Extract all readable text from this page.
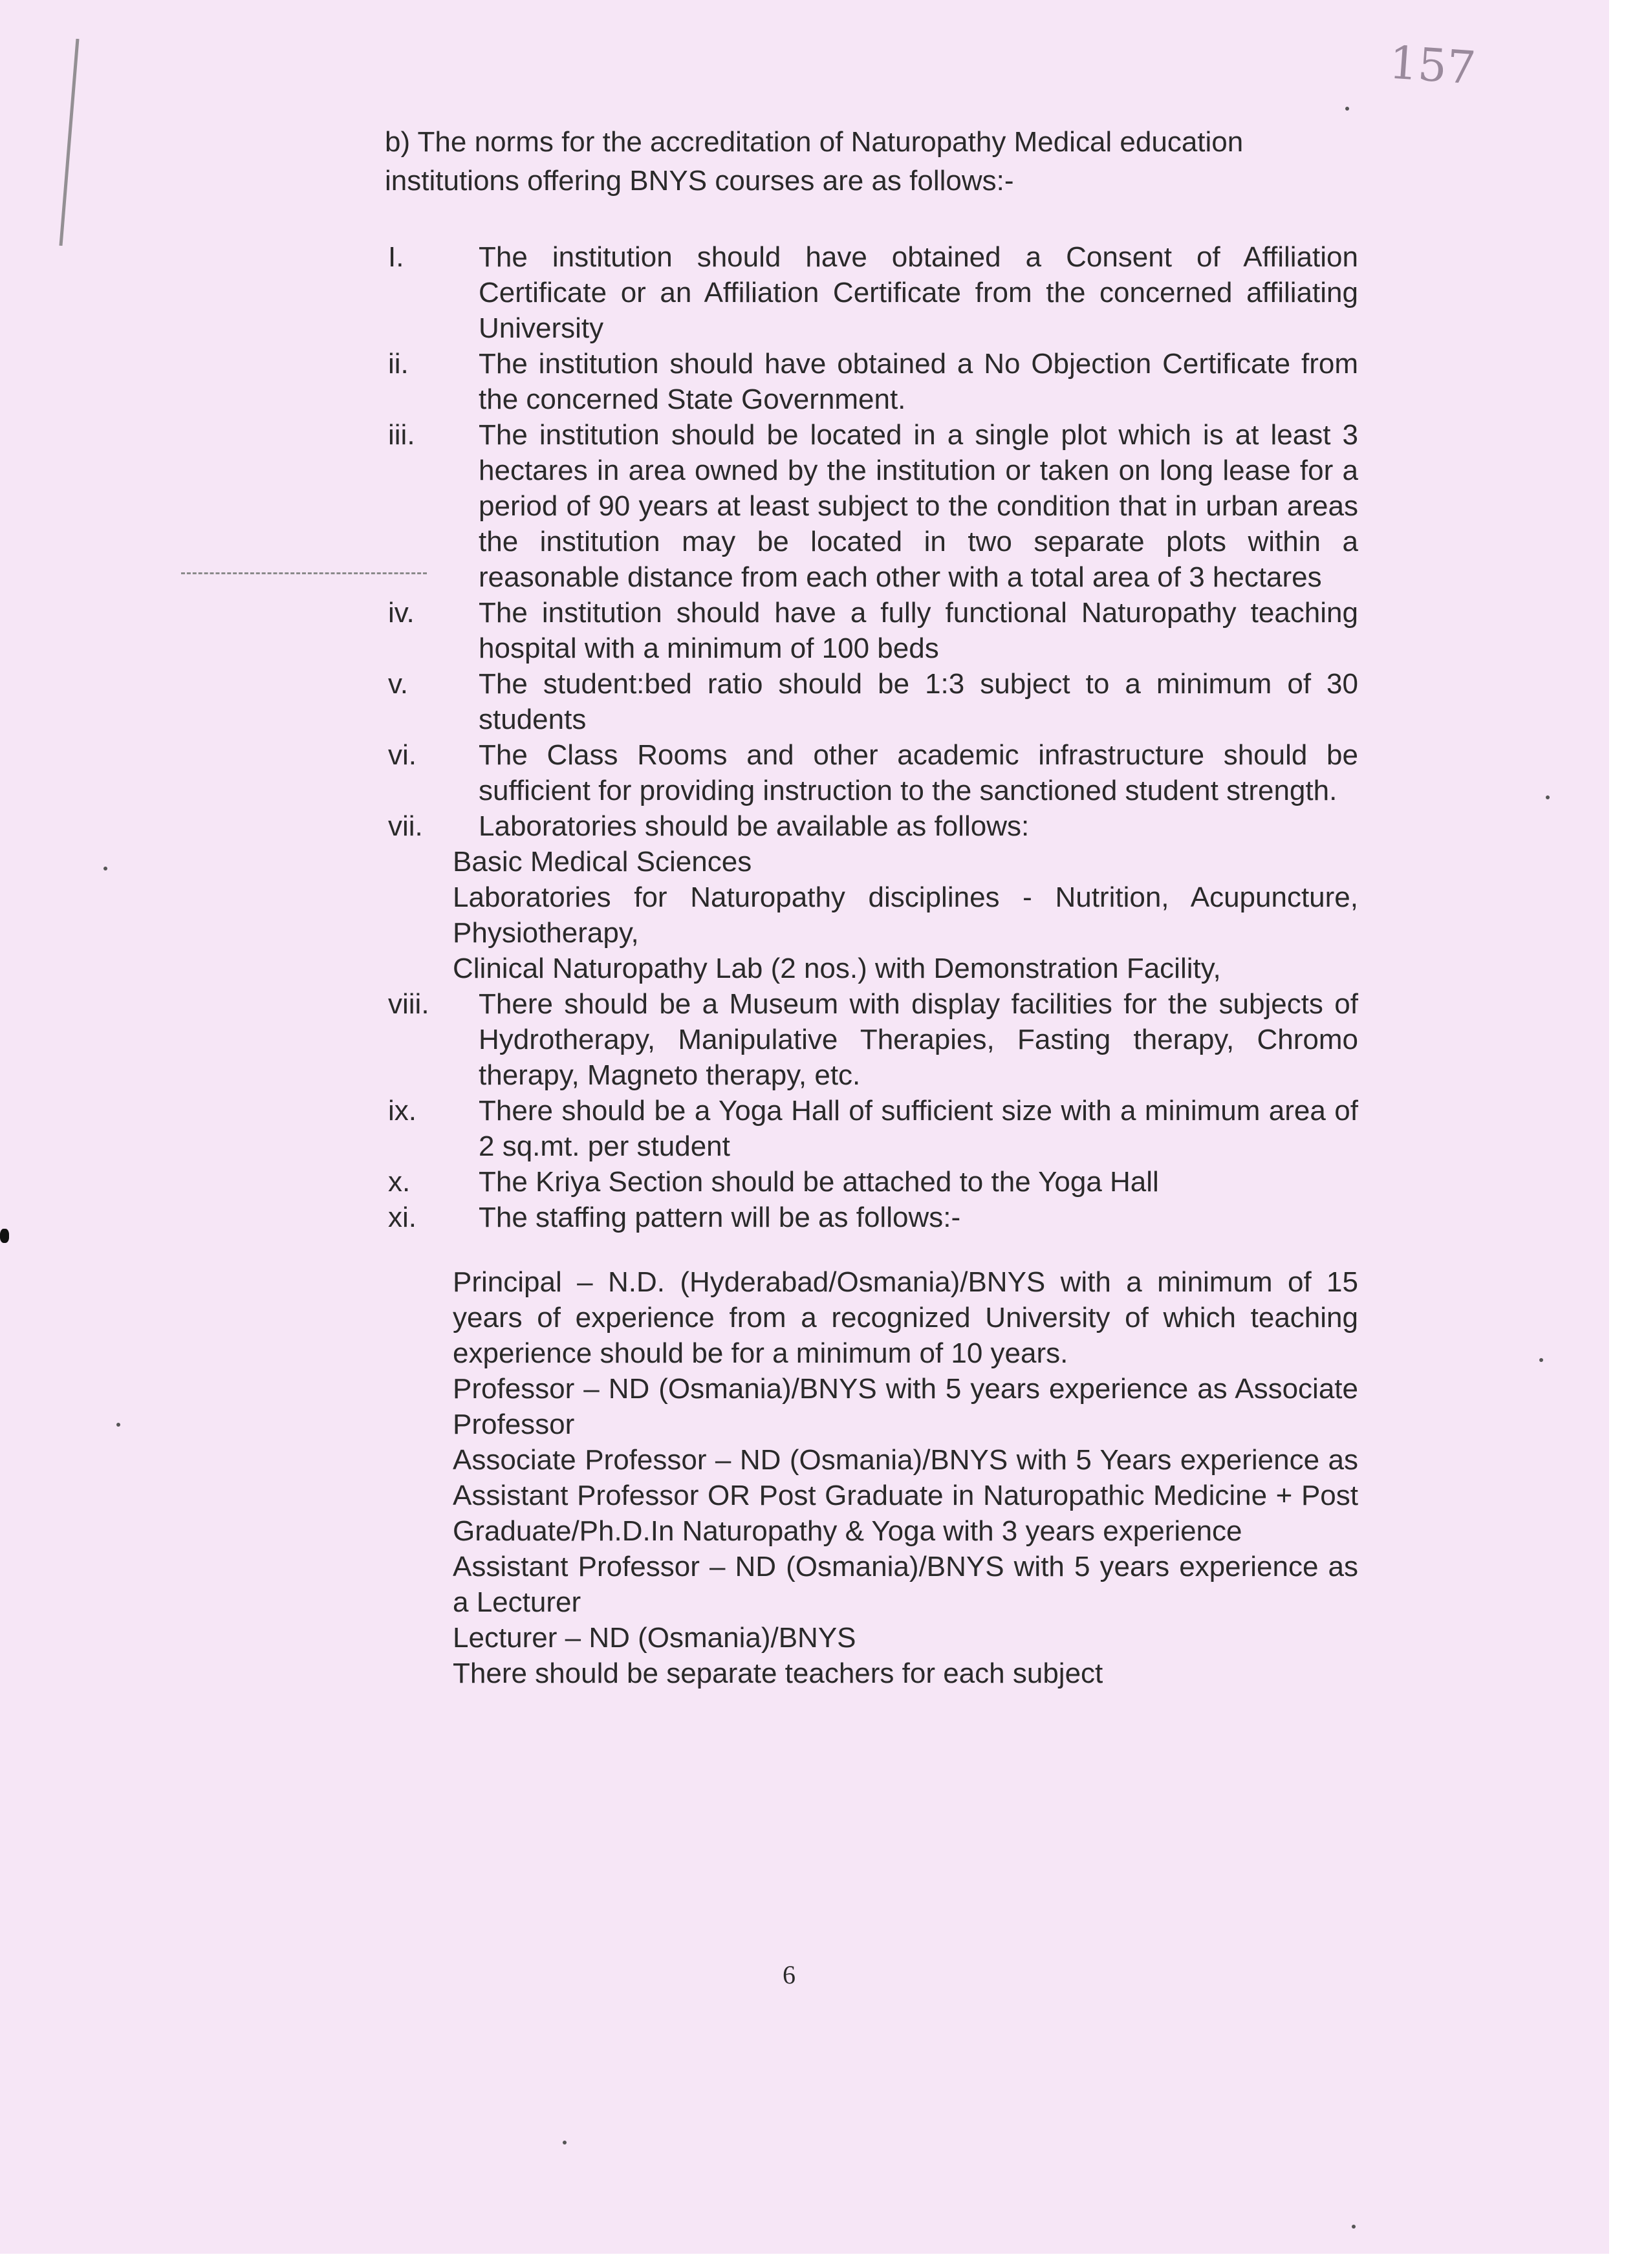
157
b) The norms for the accreditation of Naturopathy Medical education institutions offering BNYS courses are as follows:-
I.	The institution should have obtained a Consent of Affiliation Certificate or an Affiliation Certificate from the concerned affiliating University
ii.	The institution should have obtained a No Objection Certificate from the concerned State Government.
iii.	The institution should be located in a single plot which is at least 3 hectares in area owned by the institution or taken on long lease for a period of 90 years at least subject to the condition that in urban areas the institution may be located in two separate plots within a reasonable distance from each other with a total area of 3 hectares
iv.	The institution should have a fully functional Naturopathy teaching hospital with a minimum of 100 beds
v.	The student:bed ratio should be 1:3 subject to a minimum of 30 students
vi.	The Class Rooms and other academic infrastructure should be sufficient for providing instruction to the sanctioned student strength.
vii.	Laboratories should be available as follows:
Basic Medical Sciences
Laboratories for Naturopathy disciplines - Nutrition, Acupuncture, Physiotherapy,
Clinical Naturopathy Lab (2 nos.) with Demonstration Facility,
viii.	There should be a Museum with display facilities for the subjects of Hydrotherapy, Manipulative Therapies, Fasting therapy, Chromo therapy, Magneto therapy, etc.
ix.	There should be a Yoga Hall of sufficient size with a minimum area of 2 sq.mt. per student
x.	The Kriya Section should be attached to the Yoga Hall
xi.	The staffing pattern will be as follows:-
Principal – N.D. (Hyderabad/Osmania)/BNYS with a minimum of 15 years of experience from a recognized University of which teaching experience should be for a minimum of 10 years.
Professor – ND (Osmania)/BNYS with 5 years experience as Associate Professor
Associate Professor – ND (Osmania)/BNYS with 5 Years experience as Assistant Professor OR Post Graduate in Naturopathic Medicine + Post Graduate/Ph.D.In Naturopathy & Yoga with 3 years experience
Assistant Professor – ND (Osmania)/BNYS with 5 years experience as a Lecturer
Lecturer – ND (Osmania)/BNYS
There should be separate teachers for each subject
6
